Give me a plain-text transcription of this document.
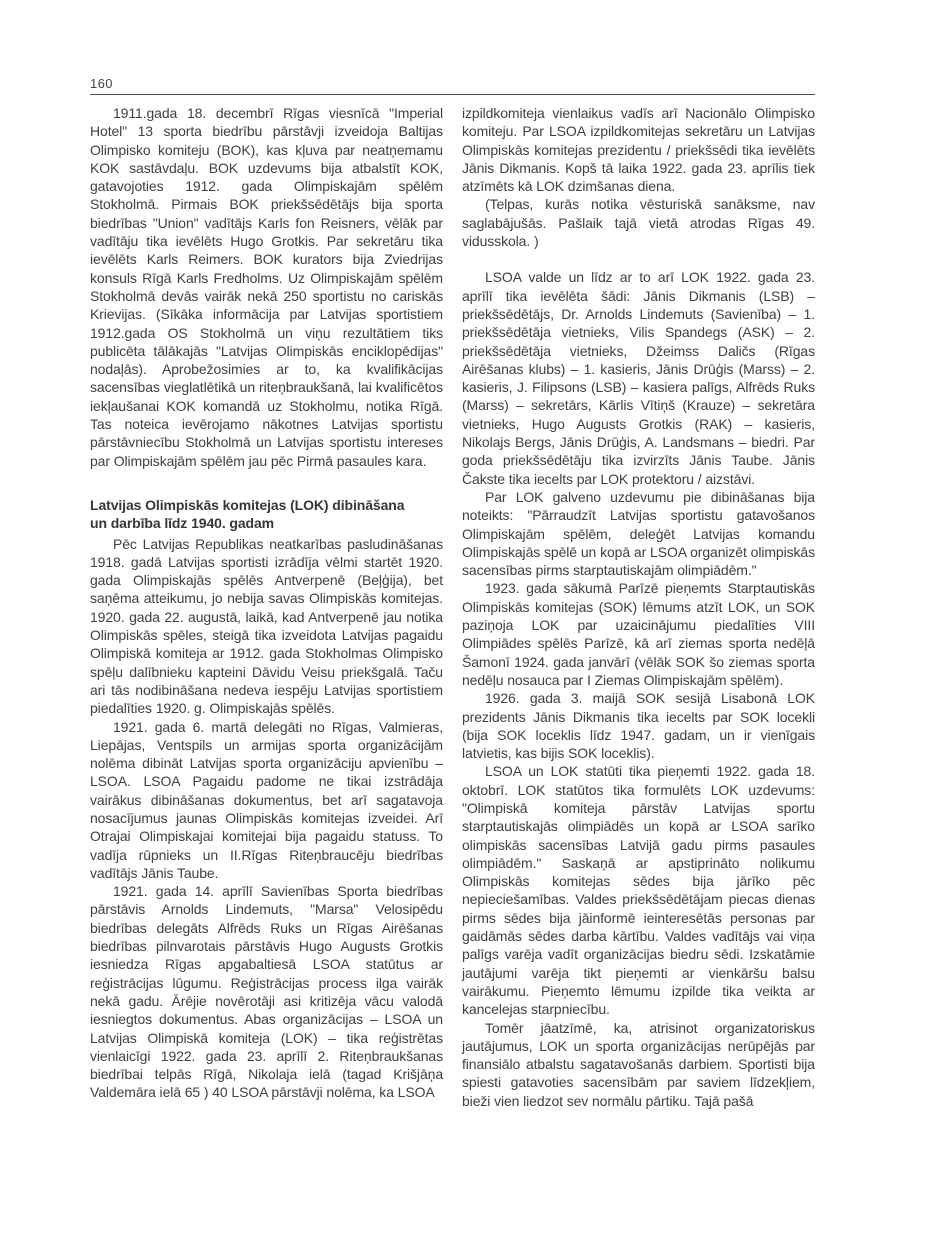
160

1911.gada 18. decembrī Rīgas viesnīcā "Imperial Hotel" 13 sporta biedrību pārstāvji izveidoja Baltijas Olimpisko komiteju (BOK), kas kļuva par neatņemamu KOK sastāvdaļu. BOK uzdevums bija atbalstīt KOK, gatavojoties 1912. gada Olimpiskajām spēlēm Stokholmā. Pirmais BOK priekšsēdētājs bija sporta biedrības "Union" vadītājs Karls fon Reisners, vēlāk par vadītāju tika ievēlēts Hugo Grotkis. Par sekretāru tika ievēlēts Karls Reimers. BOK kurators bija Zviedrijas konsuls Rīgā Karls Fredholms. Uz Olimpiskajām spēlēm Stokholmā devās vairāk nekā 250 sportistu no cariskās Krievijas. (Sīkāka informācija par Latvijas sportistiem 1912.gada OS Stokholmā un viņu rezultātiem tiks publicēta tālākajās "Latvijas Olimpiskās enciklopēdijas" nodaļās). Aprobežosimies ar to, ka kvalifikācijas sacensības vieglatlētikā un riteņbraukšanā, lai kvalificētos iekļaušanai KOK komandā uz Stokholmu, notika Rīgā. Tas noteica ievērojamo nākotnes Latvijas sportistu pārstāvniecību Stokholmā un Latvijas sportistu intereses par Olimpiskajām spēlēm jau pēc Pirmā pasaules kara.

Latvijas Olimpiskās komitejas (LOK) dibināšana
un darbība līdz 1940. gadam

Pēc Latvijas Republikas neatkarības pasludināšanas 1918. gadā Latvijas sportisti izrādīja vēlmi startēt 1920. gada Olimpiskajās spēlēs Antverpenē (Beļģija), bet saņēma atteikumu, jo nebija savas Olimpiskās komitejas. 1920. gada 22. augustā, laikā, kad Antverpenē jau notika Olimpiskās spēles, steigā tika izveidota Latvijas pagaidu Olimpiskā komiteja ar 1912. gada Stokholmas Olimpisko spēļu dalībnieku kapteini Dāvidu Veisu priekšgalā. Taču ari tās nodibināšana nedeva iespēju Latvijas sportistiem piedalīties 1920. g. Olimpiskajās spēlēs.

1921. gada 6. martā delegāti no Rīgas, Valmieras, Liepājas, Ventspils un armijas sporta organizācijām nolēma dibināt Latvijas sporta organizāciju apvienību – LSOA. LSOA Pagaidu padome ne tikai izstrādāja vairākus dibināšanas dokumentus, bet arī sagatavoja nosacījumus jaunas Olimpiskās komitejas izveidei. Arī Otrajai Olimpiskajai komitejai bija pagaidu statuss. To vadīja rūpnieks un II.Rīgas Riteņbraucēju biedrības vadītājs Jānis Taube.

1921. gada 14. aprīlī Savienības Sporta biedrības pārstāvis Arnolds Lindemuts, "Marsa" Velosipēdu biedrības delegāts Alfrēds Ruks un Rīgas Airēšanas biedrības pilnvarotais pārstāvis Hugo Augusts Grotkis iesniedza Rīgas apgabaltiesā LSOA statūtus ar reģistrācijas lūgumu. Reģistrācijas process ilga vairāk nekā gadu. Ārējie novērotāji asi kritizēja vācu valodā iesniegtos dokumentus. Abas organizācijas – LSOA un Latvijas Olimpiskā komiteja (LOK) – tika reģistrētas vienlaicīgi 1922. gada 23. aprīlī 2. Riteņbraukšanas biedrībai telpās Rīgā, Nikolaja ielā (tagad Krišjāņa Valdemāra ielā 65 ) 40 LSOA pārstāvji nolēma, ka LSOA

izpildkomiteja vienlaikus vadīs arī Nacionālo Olimpisko komiteju. Par LSOA izpildkomitejas sekretāru un Latvijas Olimpiskās komitejas prezidentu / priekšsēdi tika ievēlēts Jānis Dikmanis. Kopš tā laika 1922. gada 23. aprīlis tiek atzīmēts kā LOK dzimšanas diena.

(Telpas, kurās notika vēsturiskā sanāksme, nav saglabājušās. Pašlaik tajā vietā atrodas Rīgas 49. vidusskola. )

LSOA valde un līdz ar to arī LOK 1922. gada 23. aprīlī tika ievēlēta šādi: Jānis Dikmanis (LSB) – priekšsēdētājs, Dr. Arnolds Lindemuts (Savienība) – 1. priekšsēdētāja vietnieks, Vilis Spandegs (ASK) – 2. priekšsēdētāja vietnieks, Džeimss Daličs (Rīgas Airēšanas klubs) – 1. kasieris, Jānis Drūģis (Marss) – 2. kasieris, J. Filipsons (LSB) – kasiera palīgs, Alfrēds Ruks (Marss) – sekretārs, Kārlis Vītiņš (Krauze) – sekretāra vietnieks, Hugo Augusts Grotkis (RAK) – kasieris, Nikolajs Bergs, Jānis Drūģis, A. Landsmans – biedri. Par goda priekšsēdētāju tika izvirzīts Jānis Taube. Jānis Čakste tika iecelts par LOK protektoru / aizstāvi.

Par LOK galveno uzdevumu pie dibināšanas bija noteikts: "Pārraudzīt Latvijas sportistu gatavošanos Olimpiskajām spēlēm, deleģēt Latvijas komandu Olimpiskajās spēlē un kopā ar LSOA organizēt olimpiskās sacensības pirms starptautiskajām olimpiādēm."

1923. gada sākumā Parīzē pieņemts Starptautiskās Olimpiskās komitejas (SOK) lēmums atzīt LOK, un SOK paziņoja LOK par uzaicinājumu piedalīties VIII Olimpiādes spēlēs Parīzē, kā arī ziemas sporta nedēļā Šamonī 1924. gada janvārī (vēlāk SOK šo ziemas sporta nedēļu nosauca par I Ziemas Olimpiskajām spēlēm).

1926. gada 3. maijā SOK sesijā Lisabonā LOK prezidents Jānis Dikmanis tika iecelts par SOK locekli (bija SOK loceklis līdz 1947. gadam, un ir vienīgais latvietis, kas bijis SOK loceklis).

LSOA un LOK statūti tika pieņemti 1922. gada 18. oktobrī. LOK statūtos tika formulēts LOK uzdevums: "Olimpiskā komiteja pārstāv Latvijas sportu starptautiskajās olimpiādēs un kopā ar LSOA sarīko olimpiskās sacensības Latvijā gadu pirms pasaules olimpiādēm." Saskaņā ar apstiprināto nolikumu Olimpiskās komitejas sēdes bija jārīko pēc nepieciešamības. Valdes priekšsēdētājam piecas dienas pirms sēdes bija jāinformē ieinteresētās personas par gaidāmās sēdes darba kārtību. Valdes vadītājs vai viņa palīgs varēja vadīt organizācijas biedru sēdi. Izskatāmie jautājumi varēja tikt pieņemti ar vienkāršu balsu vairākumu. Pieņemto lēmumu izpilde tika veikta ar kancelejas starpniecību.

Tomēr jāatzīmē, ka, atrisinot organizatoriskus jautājumus, LOK un sporta organizācijas nerūpējās par finansiālo atbalstu sagatavošanās darbiem. Sportisti bija spiesti gatavoties sacensībām par saviem līdzekļiem, bieži vien liedzot sev normālu pārtiku. Tajā pašā
